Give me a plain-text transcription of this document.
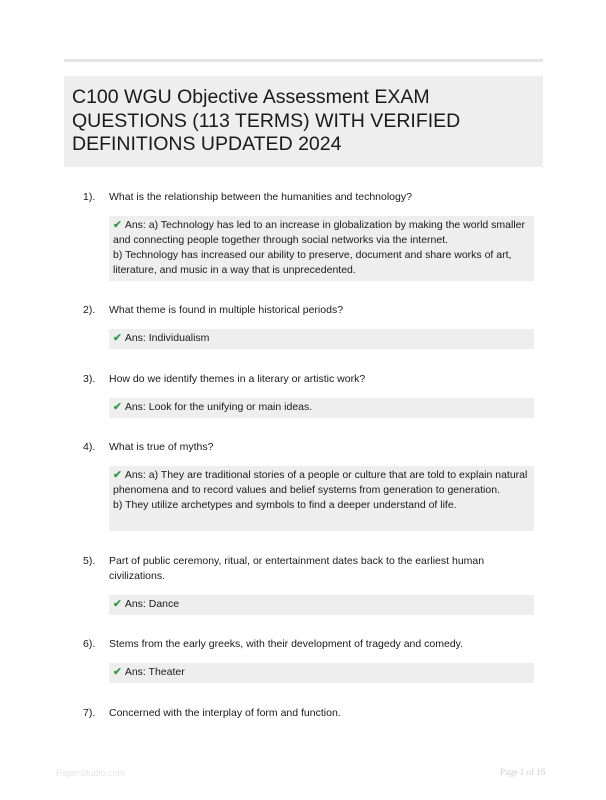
C100 WGU Objective Assessment EXAM QUESTIONS (113 TERMS) WITH VERIFIED DEFINITIONS UPDATED 2024
1). What is the relationship between the humanities and technology?
✔ Ans: a) Technology has led to an increase in globalization by making the world smaller and connecting people together through social networks via the internet.
b) Technology has increased our ability to preserve, document and share works of art, literature, and music in a way that is unprecedented.
2). What theme is found in multiple historical periods?
✔ Ans: Individualism
3). How do we identify themes in a literary or artistic work?
✔ Ans: Look for the unifying or main ideas.
4). What is true of myths?
✔ Ans: a) They are traditional stories of a people or culture that are told to explain natural phenomena and to record values and belief systems from generation to generation.
b) They utilize archetypes and symbols to find a deeper understand of life.
5). Part of public ceremony, ritual, or entertainment dates back to the earliest human civilizations.
✔ Ans: Dance
6). Stems from the early greeks, with their development of tragedy and comedy.
✔ Ans: Theater
7). Concerned with the interplay of form and function.
PaperStudio.com	Page 1 of 16
